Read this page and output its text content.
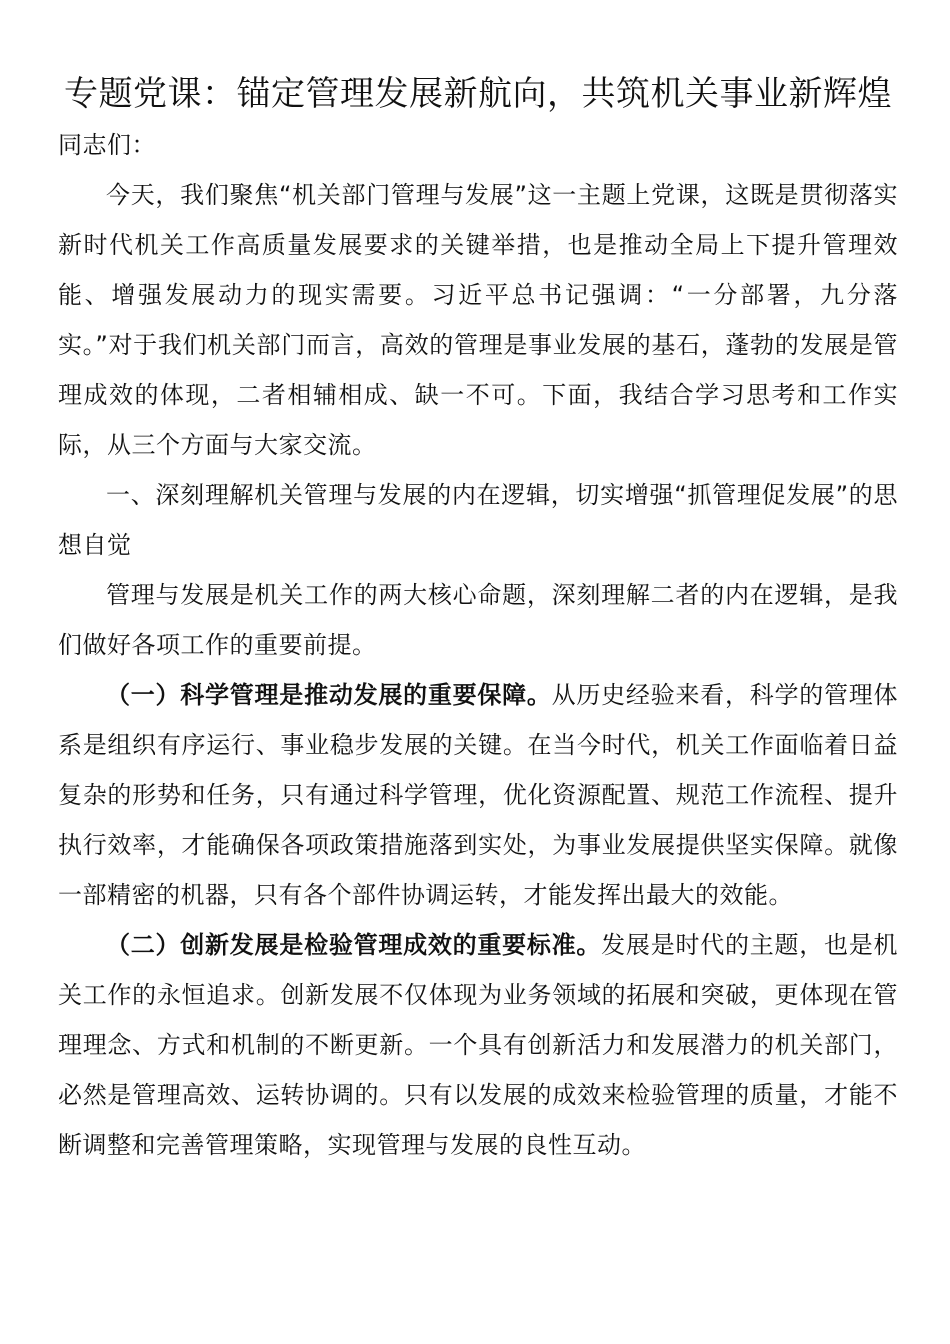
专题党课：锚定管理发展新航向，共筑机关事业新辉煌

同志们：

今天，我们聚焦“机关部门管理与发展”这一主题上党课，这既是贯彻落实新时代机关工作高质量发展要求的关键举措，也是推动全局上下提升管理效能、增强发展动力的现实需要。习近平总书记强调：“一分部署，九分落实。”对于我们机关部门而言，高效的管理是事业发展的基石，蓬勃的发展是管理成效的体现，二者相辅相成、缺一不可。下面，我结合学习思考和工作实际，从三个方面与大家交流。

一、深刻理解机关管理与发展的内在逻辑，切实增强“抓管理促发展”的思想自觉

管理与发展是机关工作的两大核心命题，深刻理解二者的内在逻辑，是我们做好各项工作的重要前提。

（一）科学管理是推动发展的重要保障。从历史经验来看，科学的管理体系是组织有序运行、事业稳步发展的关键。在当今时代，机关工作面临着日益复杂的形势和任务，只有通过科学管理，优化资源配置、规范工作流程、提升执行效率，才能确保各项政策措施落到实处，为事业发展提供坚实保障。就像一部精密的机器，只有各个部件协调运转，才能发挥出最大的效能。

（二）创新发展是检验管理成效的重要标准。发展是时代的主题，也是机关工作的永恒追求。创新发展不仅体现为业务领域的拓展和突破，更体现在管理理念、方式和机制的不断更新。一个具有创新活力和发展潜力的机关部门，必然是管理高效、运转协调的。只有以发展的成效来检验管理的质量，才能不断调整和完善管理策略，实现管理与发展的良性互动。
